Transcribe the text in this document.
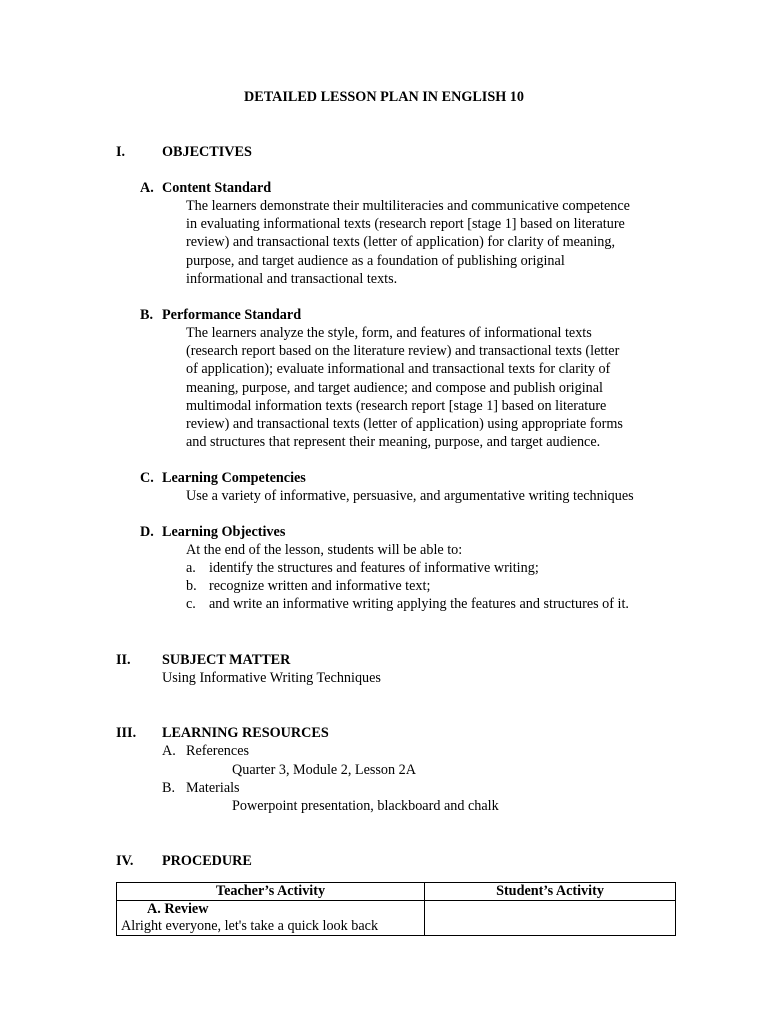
DETAILED LESSON PLAN IN ENGLISH 10
I.	OBJECTIVES
A. Content Standard
The learners demonstrate their multiliteracies and communicative competence
in evaluating informational texts (research report [stage 1] based on literature
review) and transactional texts (letter of application) for clarity of meaning,
purpose, and target audience as a foundation of publishing original
informational and transactional texts.
B. Performance Standard
The learners analyze the style, form, and features of informational texts
(research report based on the literature review) and transactional texts (letter
of application); evaluate informational and transactional texts for clarity of
meaning, purpose, and target audience; and compose and publish original
multimodal information texts (research report [stage 1] based on literature
review) and transactional texts (letter of application) using appropriate forms
and structures that represent their meaning, purpose, and target audience.
C. Learning Competencies
Use a variety of informative, persuasive, and argumentative writing techniques
D. Learning Objectives
At the end of the lesson, students will be able to:
a. identify the structures and features of informative writing;
b. recognize written and informative text;
c. and write an informative writing applying the features and structures of it.
II. SUBJECT MATTER
Using Informative Writing Techniques
III. LEARNING RESOURCES
A. References
Quarter 3, Module 2, Lesson 2A
B. Materials
Powerpoint presentation, blackboard and chalk
IV. PROCEDURE
Teacher’s Activity	Student’s Activity

A. Review
Alright everyone, let's take a quick look back	
